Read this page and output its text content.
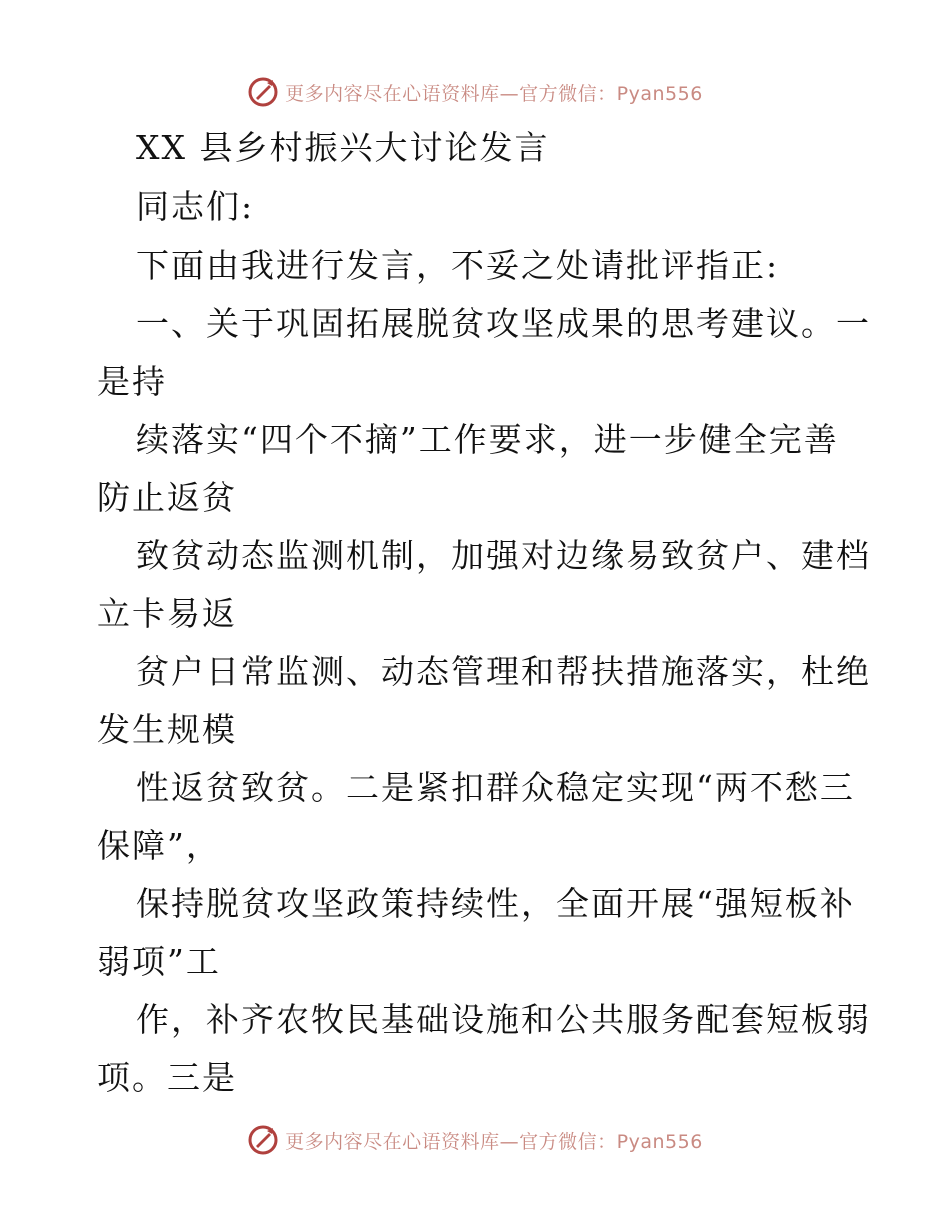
更多内容尽在心语资料库—官方微信：Pyan556
XX 县乡村振兴大讨论发言
同志们:
下面由我进行发言，不妥之处请批评指正:
一、关于巩固拓展脱贫攻坚成果的思考建议。一
是持
续落实“四个不摘”工作要求，进一步健全完善
防止返贫
致贫动态监测机制，加强对边缘易致贫户、建档
立卡易返
贫户日常监测、动态管理和帮扶措施落实，杜绝
发生规模
性返贫致贫。二是紧扣群众稳定实现“两不愁三
保障”，
保持脱贫攻坚政策持续性，全面开展“强短板补
弱项”工
作，补齐农牧民基础设施和公共服务配套短板弱
项。三是
更多内容尽在心语资料库—官方微信：Pyan556
